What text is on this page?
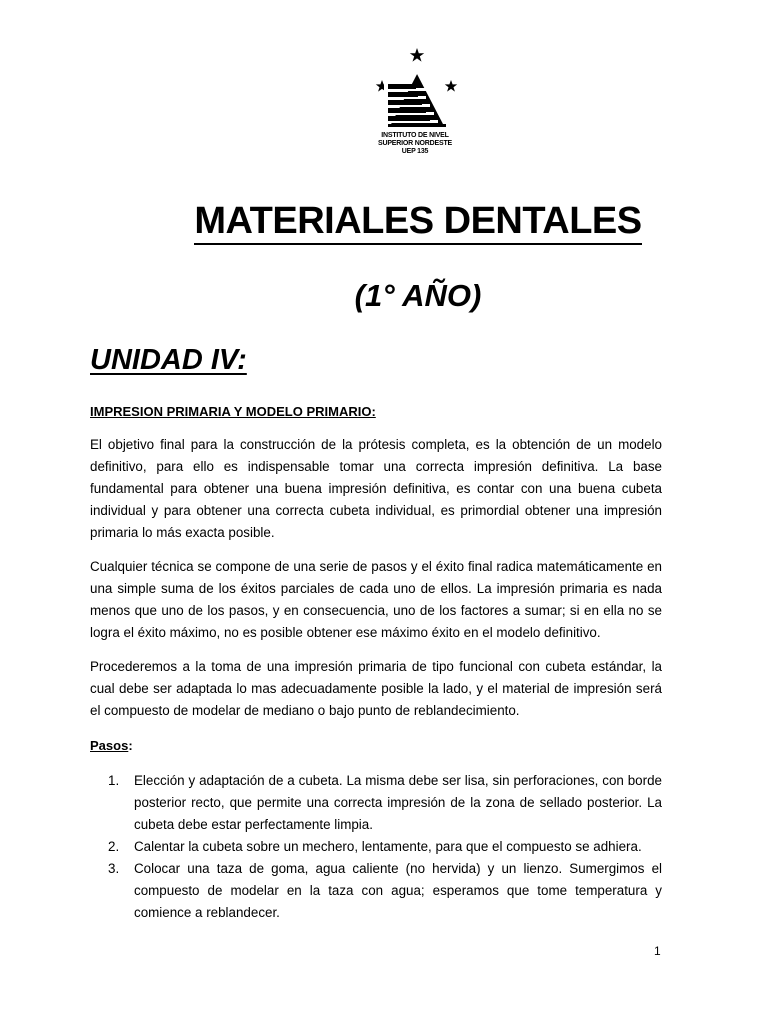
INSTITUTO DE NIVEL
SUPERIOR NORDESTE
UEP 135
MATERIALES DENTALES
(1° AÑO)
UNIDAD IV:
IMPRESION PRIMARIA Y MODELO PRIMARIO:

El objetivo final para la construcción de la prótesis completa, es la obtención de un modelo definitivo, para ello es indispensable tomar una correcta impresión definitiva. La base fundamental para obtener una buena impresión definitiva, es contar con una buena cubeta individual y para obtener una correcta cubeta individual, es primordial obtener una impresión primaria lo más exacta posible.

Cualquier técnica se compone de una serie de pasos y el éxito final radica matemáticamente en una simple suma de los éxitos parciales de cada uno de ellos. La impresión primaria es nada menos que uno de los pasos, y en consecuencia, uno de los factores a sumar; si en ella no se logra el éxito máximo, no es posible obtener ese máximo éxito en el modelo definitivo.

Procederemos a la toma de una impresión primaria de tipo funcional con cubeta estándar, la cual debe ser adaptada lo mas adecuadamente posible la lado, y el material de impresión será el compuesto de modelar de mediano o bajo punto de reblandecimiento.

Pasos:
1. Elección y adaptación de a cubeta. La misma debe ser lisa, sin perforaciones, con borde posterior recto, que permite una correcta impresión de la zona de sellado posterior. La cubeta debe estar perfectamente limpia.
2. Calentar la cubeta sobre un mechero, lentamente, para que el compuesto se adhiera.
3. Colocar una taza de goma, agua caliente (no hervida) y un lienzo. Sumergimos el compuesto de modelar en la taza con agua; esperamos que tome temperatura y comience a reblandecer.
1
